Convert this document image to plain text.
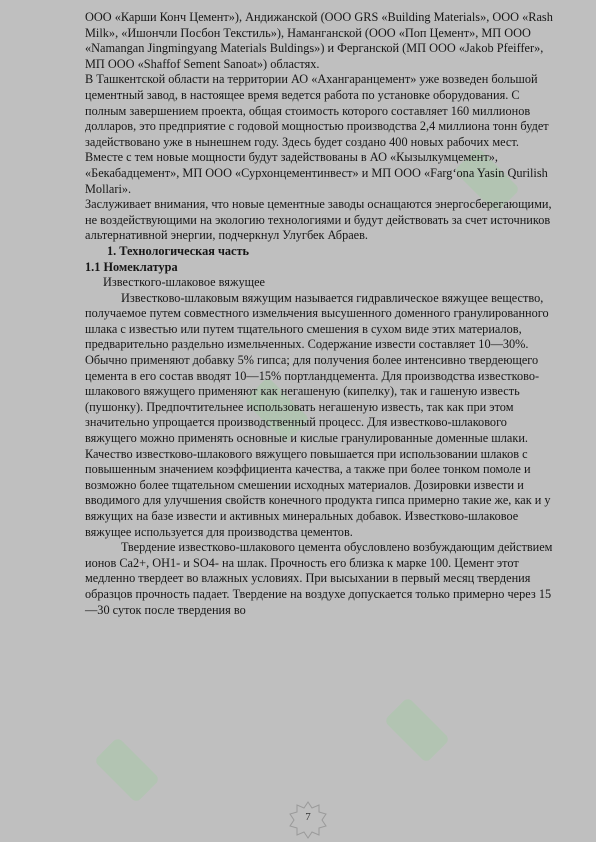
ООО «Карши Конч Цемент»), Андижанской (ООО GRS «Building Materials», ООО «Rash Milk», «Ишончли Посбон Текстиль»), Наманганской (ООО «Поп Цемент», МП ООО «Namangan Jingmingyang Materials Buldings») и Ферганской (МП ООО «Jakob Pfeiffer», МП ООО «Shaffof Sement Sanoat») областях.

В Ташкентской области на территории АО «Ахангаранцемент» уже возведен большой цементный завод, в настоящее время ведется работа по установке оборудования. С полным завершением проекта, общая стоимость которого составляет 160 миллионов долларов, это предприятие с годовой мощностью производства 2,4 миллиона тонн будет задействовано уже в нынешнем году. Здесь будет создано 400 новых рабочих мест.

Вместе с тем новые мощности будут задействованы в АО «Кызылкумцемент», «Бекабадцемент», МП ООО «Сурхонцементинвест» и МП ООО «Farg‘ona Yasin Qurilish Mollari».

Заслуживает внимания, что новые цементные заводы оснащаются энергосберегающими, не воздействующими на экологию технологиями и будут действовать за счет источников альтернативной энергии, подчеркнул Улугбек Абраев.

1. Технологическая часть

1.1 Номеклатура

Известкого-шлаковое вяжущее

Известково-шлаковым вяжущим называется гидравлическое вяжущее вещество, получаемое путем совместного измельчения высушенного доменного гранулированного шлака с известью или путем тщательного смешения в сухом виде этих материалов, предварительно раздельно измельченных. Содержание извести составляет 10—30%. Обычно применяют добавку 5% гипса; для получения более интенсивно твердеющего цемента в его состав вводят 10—15% портландцемента. Для производства известково-шлакового вяжущего применяют как негашеную (кипелку), так и гашеную известь (пушонку). Предпочтительнее использовать негашеную известь, так как при этом значительно упрощается производственный процесс. Для известково-шлакового вяжущего можно применять основные и кислые гранулированные доменные шлаки. Качество известково-шлакового вяжущего повышается при использовании шлаков с повышенным значением коэффициента качества, а также при более тонком помоле и возможно более тщательном смешении исходных материалов. Дозировки извести и вводимого для улучшения свойств конечного продукта гипса примерно такие же, как и у вяжущих на базе извести и активных минеральных добавок. Известково-шлаковое вяжущее используется для производства цементов.

Твердение известково-шлакового цемента обусловлено возбуждающим действием ионов Ca2+, OH1- и SO4- на шлак. Прочность его близка к марке 100. Цемент этот медленно твердеет во влажных условиях. При высыхании в первый месяц твердения образцов прочность падает. Твердение на воздухе допускается только примерно через 15—30 суток после твердения во

7
